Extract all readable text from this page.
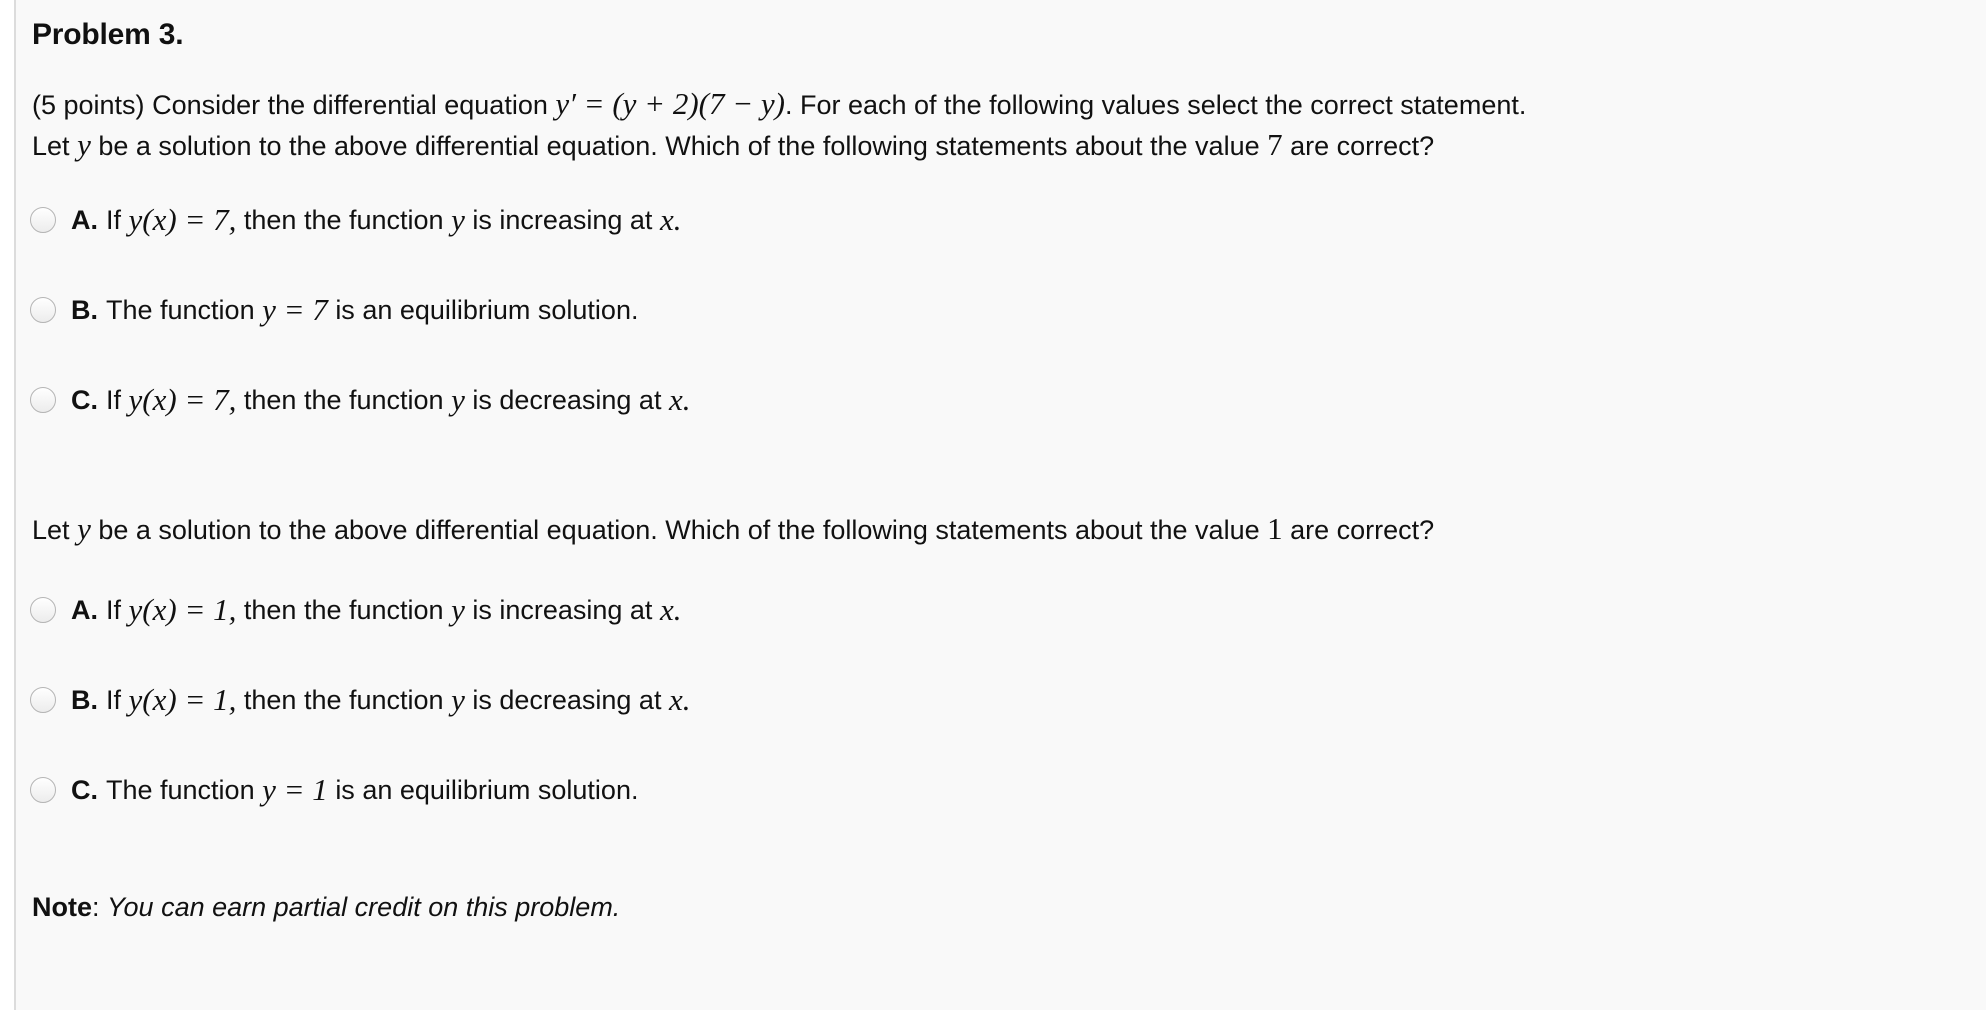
Problem 3.
(5 points) Consider the differential equation y′ = (y + 2)(7 − y). For each of the following values select the correct statement.
Let y be a solution to the above differential equation. Which of the following statements about the value 7 are correct?
A. If
y(x) = 7,
then the function
y
is increasing at
x.
B. The function
y = 7
is an equilibrium solution.
C. If
y(x) = 7,
then the function
y
is decreasing at
x.
Let y be a solution to the above differential equation. Which of the following statements about the value 1 are correct?
A. If
y(x) = 1,
then the function
y
is increasing at
x.
B. If
y(x) = 1,
then the function
y
is decreasing at
x.
C. The function
y = 1
is an equilibrium solution.
Note: You can earn partial credit on this problem.
